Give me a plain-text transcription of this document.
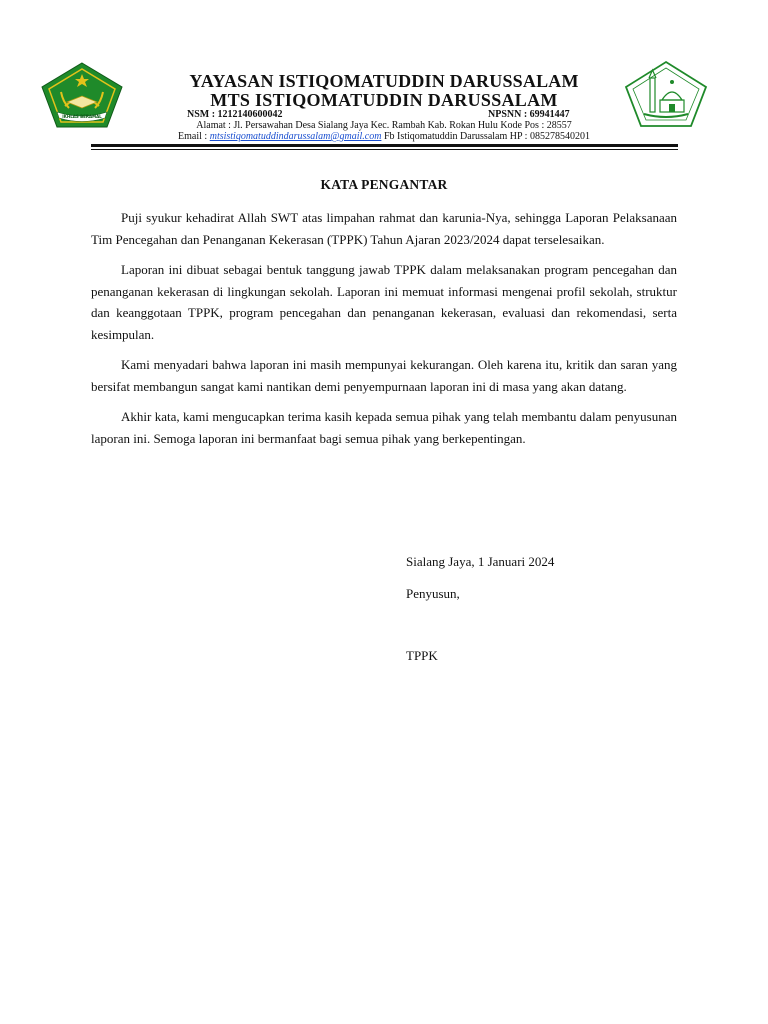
IKHLAS BERAMAL
YAYASAN ISTIQOMATUDDIN DARUSSALAM
MTS ISTIQOMATUDDIN DARUSSALAM
NSM : 121214060​0042	NPSNN : 69941447
Alamat : Jl. Persawahan Desa Sialang Jaya Kec. Rambah Kab. Rokan Hulu Kode Pos : 28557
Email : mtsistiqomatuddindarussalam@gmail.com Fb Istiqomatuddin Darussalam HP : 085278540201
KATA PENGANTAR

Puji syukur kehadirat Allah SWT atas limpahan rahmat dan karunia-Nya, sehingga Laporan Pelaksanaan Tim Pencegahan dan Penanganan Kekerasan (TPPK) Tahun Ajaran 2023/2024 dapat terselesaikan.

Laporan ini dibuat sebagai bentuk tanggung jawab TPPK dalam melaksanakan program pencegahan dan penanganan kekerasan di lingkungan sekolah. Laporan ini memuat informasi mengenai profil sekolah, struktur dan keanggotaan TPPK, program pencegahan dan penanganan kekerasan, evaluasi dan rekomendasi, serta kesimpulan.

Kami menyadari bahwa laporan ini masih mempunyai kekurangan. Oleh karena itu, kritik dan saran yang bersifat membangun sangat kami nantikan demi penyempurnaan laporan ini di masa yang akan datang.

Akhir kata, kami mengucapkan terima kasih kepada semua pihak yang telah membantu dalam penyusunan laporan ini. Semoga laporan ini bermanfaat bagi semua pihak yang berkepentingan.

Sialang Jaya, 1 Januari 2024
Penyusun,
TPPK
